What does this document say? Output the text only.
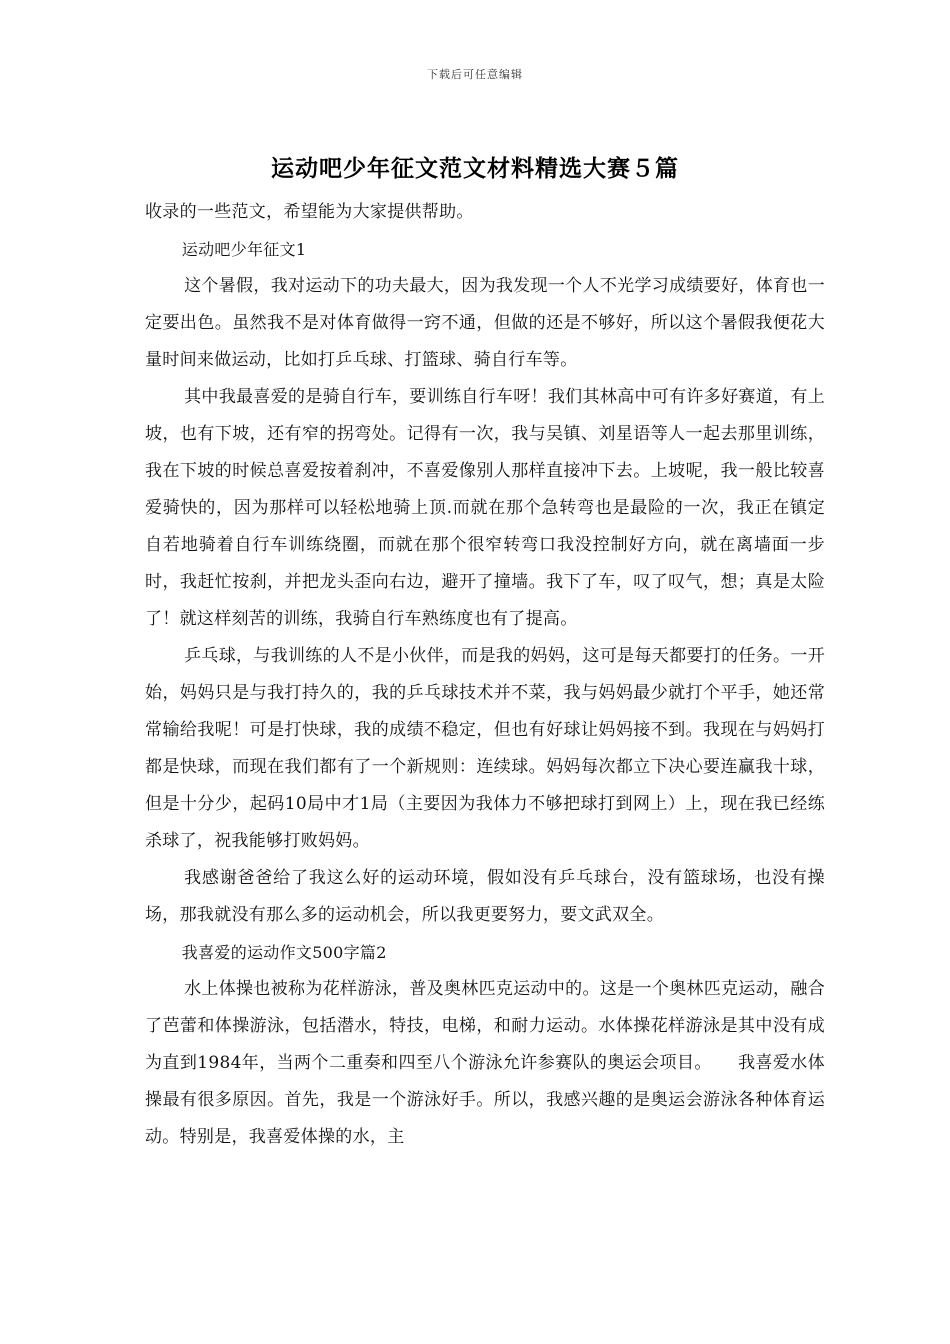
下载后可任意编辑
运动吧少年征文范文材料精选大赛５篇

收录的一些范文，希望能为大家提供帮助。

运动吧少年征文1

这个暑假，我对运动下的功夫最大，因为我发现一个人不光学习成绩要好，体育也一定要出色。虽然我不是对体育做得一窍不通，但做的还是不够好，所以这个暑假我便花大量时间来做运动，比如打乒乓球、打篮球、骑自行车等。

其中我最喜爱的是骑自行车，要训练自行车呀！我们其林高中可有许多好赛道，有上坡，也有下坡，还有窄的拐弯处。记得有一次，我与吴镇、刘星语等人一起去那里训练，我在下坡的时候总喜爱按着刹冲，不喜爱像别人那样直接冲下去。上坡呢，我一般比较喜爱骑快的，因为那样可以轻松地骑上顶.而就在那个急转弯也是最险的一次，我正在镇定自若地骑着自行车训练绕圈，而就在那个很窄转弯口我没控制好方向，就在离墙面一步时，我赶忙按刹，并把龙头歪向右边，避开了撞墙。我下了车，叹了叹气，想；真是太险了！就这样刻苦的训练，我骑自行车熟练度也有了提高。

乒乓球，与我训练的人不是小伙伴，而是我的妈妈，这可是每天都要打的任务。一开始，妈妈只是与我打持久的，我的乒乓球技术并不菜，我与妈妈最少就打个平手，她还常常输给我呢！可是打快球，我的成绩不稳定，但也有好球让妈妈接不到。我现在与妈妈打都是快球，而现在我们都有了一个新规则：连续球。妈妈每次都立下决心要连赢我十球，但是十分少，起码10局中才1局（主要因为我体力不够把球打到网上）上，现在我已经练杀球了，祝我能够打败妈妈。

我感谢爸爸给了我这么好的运动环境，假如没有乒乓球台，没有篮球场，也没有操场，那我就没有那么多的运动机会，所以我更要努力，要文武双全。

我喜爱的运动作文500字篇2

水上体操也被称为花样游泳，普及奥林匹克运动中的。这是一个奥林匹克运动，融合了芭蕾和体操游泳，包括潜水，特技，电梯，和耐力运动。水体操花样游泳是其中没有成为直到1984年，当两个二重奏和四至八个游泳允许参赛队的奥运会项目。　　我喜爱水体操最有很多原因。首先，我是一个游泳好手。所以，我感兴趣的是奥运会游泳各种体育运动。特别是，我喜爱体操的水，主
